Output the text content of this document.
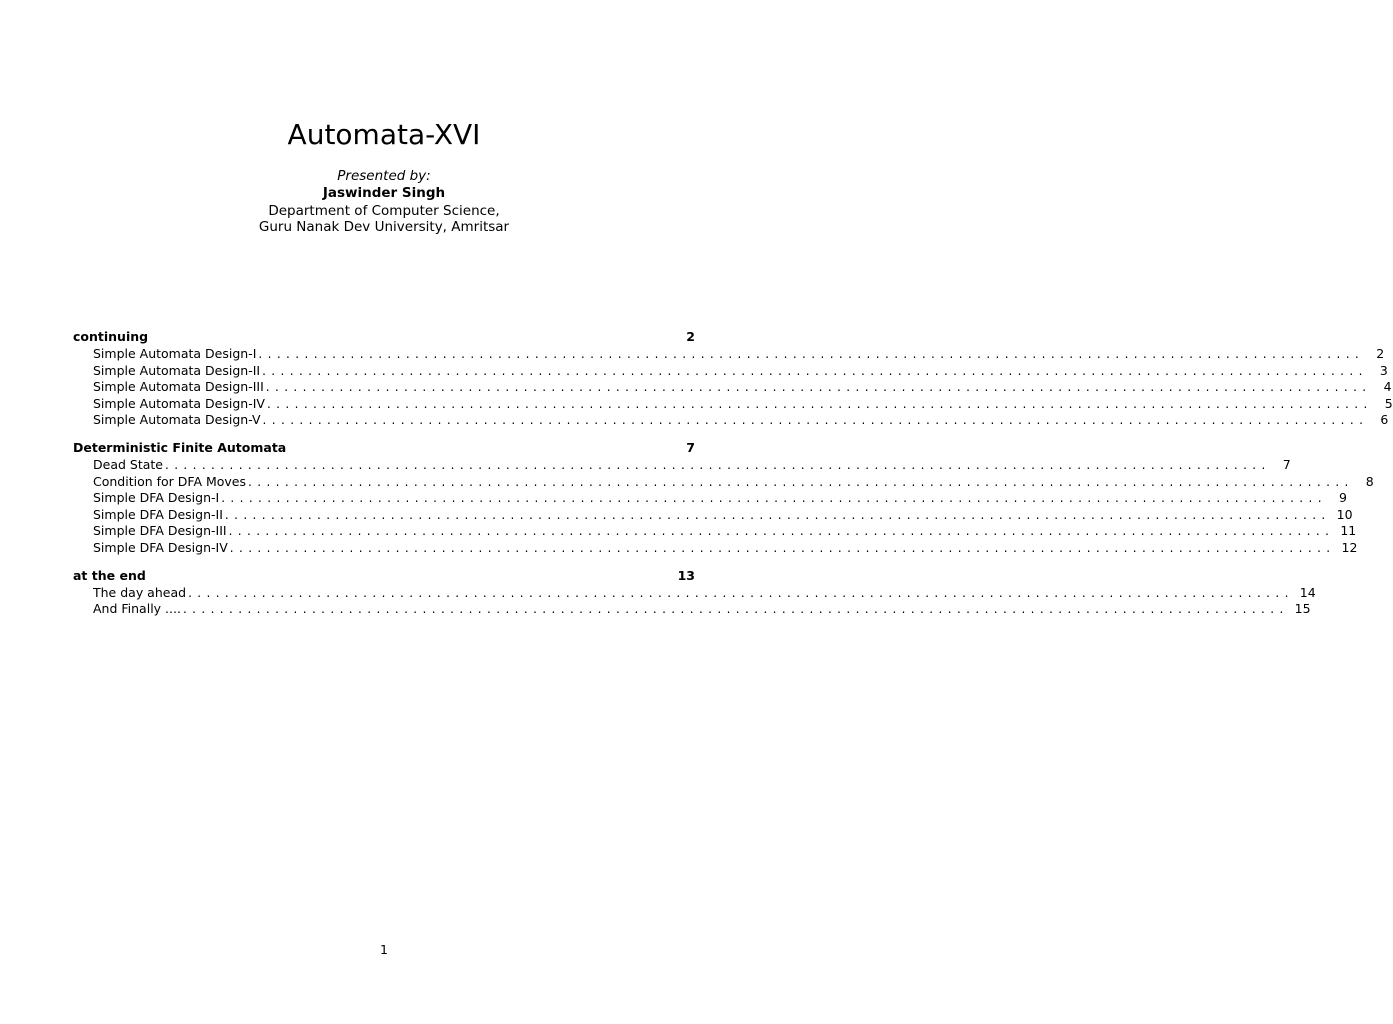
Automata-XVI
Presented by:
Jaswinder Singh
Department of Computer Science,
Guru Nanak Dev University, Amritsar
continuing	2
Simple Automata Design-I ........................................................................................................................ 2
Simple Automata Design-II ........................................................................................................................ 3
Simple Automata Design-III ........................................................................................................................ 4
Simple Automata Design-IV ........................................................................................................................ 5
Simple Automata Design-V ........................................................................................................................ 6
Deterministic Finite Automata	7
Dead State ........................................................................................................................ 7
Condition for DFA Moves ........................................................................................................................ 8
Simple DFA Design-I ........................................................................................................................ 9
Simple DFA Design-II ........................................................................................................................ 10
Simple DFA Design-III ........................................................................................................................ 11
Simple DFA Design-IV ........................................................................................................................ 12
at the end	13
The day ahead ........................................................................................................................ 14
And Finally .... ........................................................................................................................ 15
1
